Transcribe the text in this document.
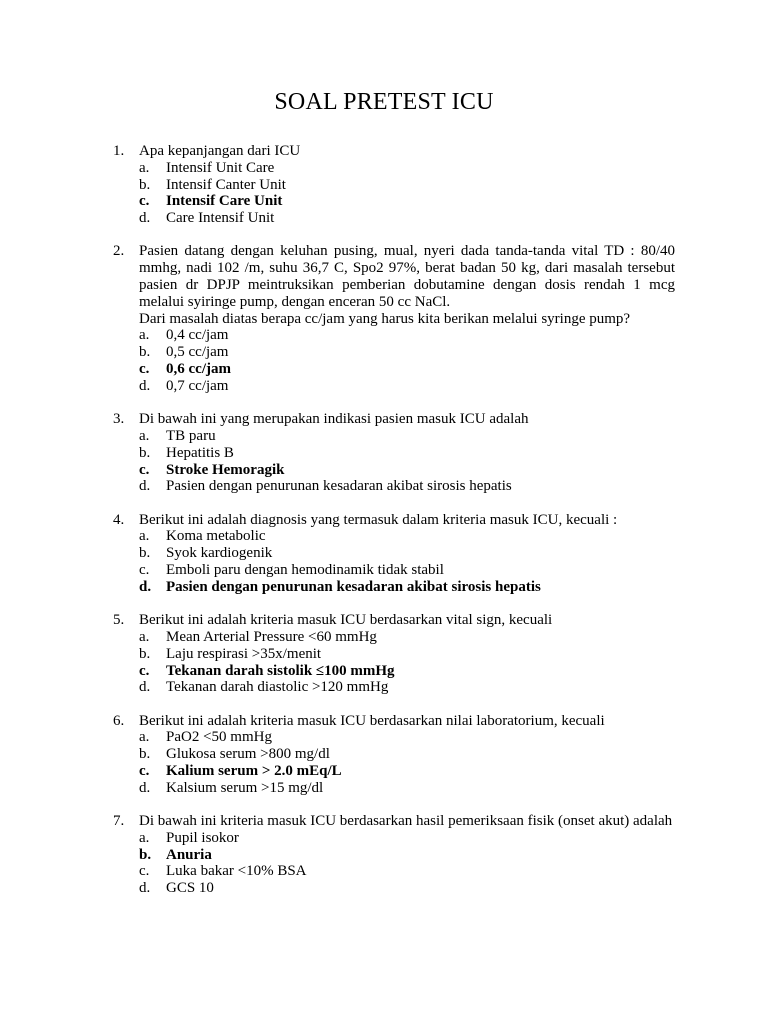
SOAL PRETEST ICU
1. Apa kepanjangan dari ICU

a.	Intensif Unit Care
b.	Intensif Canter Unit
c.	Intensif Care Unit
d.	Care Intensif Unit
2. Pasien datang dengan keluhan pusing, mual, nyeri dada tanda-tanda vital TD : 80/40 mmhg, nadi 102 /m, suhu 36,7 C, Spo2 97%, berat badan 50 kg, dari masalah tersebut pasien dr DPJP meintruksikan pemberian dobutamine dengan dosis rendah 1 mcg melalui syiringe pump, dengan enceran 50 cc NaCl.

Dari masalah diatas berapa cc/jam yang harus kita berikan melalui syringe pump?

a.	0,4 cc/jam
b.	0,5 cc/jam
c.	0,6 cc/jam
d.	0,7 cc/jam
3. Di bawah ini yang merupakan indikasi pasien masuk ICU adalah

a.	TB paru
b.	Hepatitis B
c.	Stroke Hemoragik
d.	Pasien dengan penurunan kesadaran akibat sirosis hepatis
4. Berikut ini adalah diagnosis yang termasuk dalam kriteria masuk ICU, kecuali :

a.	Koma metabolic
b.	Syok kardiogenik
c.	Emboli paru dengan hemodinamik tidak stabil
d. Pasien dengan penurunan kesadaran akibat sirosis hepatis
5. Berikut ini adalah kriteria masuk ICU berdasarkan vital sign, kecuali

a.	Mean Arterial Pressure <60 mmHg
b.	Laju respirasi >35x/menit
c.	Tekanan darah sistolik ≤100 mmHg
d.	Tekanan darah diastolic >120 mmHg
6. Berikut ini adalah kriteria masuk ICU berdasarkan nilai laboratorium, kecuali

a.	PaO2 <50 mmHg
b.	Glukosa serum >800 mg/dl
c.	Kalium serum > 2.0 mEq/L
d.	Kalsium serum >15 mg/dl
7. Di bawah ini kriteria masuk ICU berdasarkan hasil pemeriksaan fisik (onset akut) adalah

a.	Pupil isokor
b. Anuria
c.	Luka bakar <10% BSA
d.	GCS 10
